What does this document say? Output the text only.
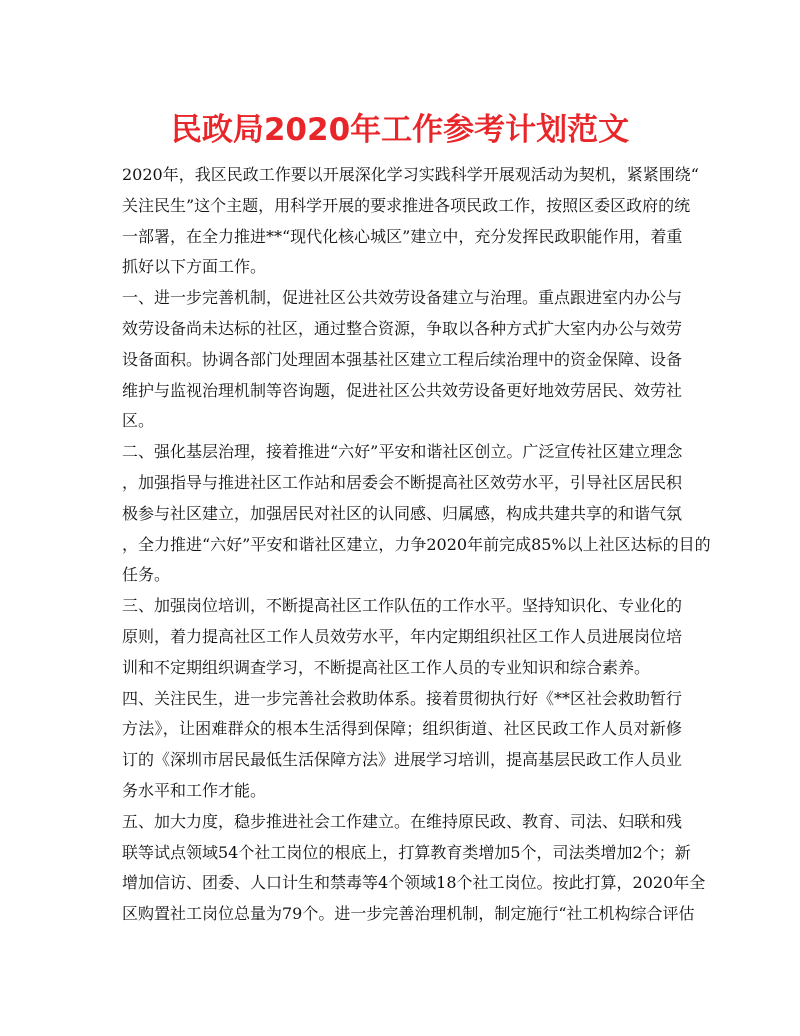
民政局2020年工作参考计划范文
2020年，我区民政工作要以开展深化学习实践科学开展观活动为契机，紧紧围绕“
关注民生”这个主题，用科学开展的要求推进各项民政工作，按照区委区政府的统
一部署，在全力推进**“现代化核心城区”建立中，充分发挥民政职能作用，着重
抓好以下方面工作。
一、进一步完善机制，促进社区公共效劳设备建立与治理。重点跟进室内办公与
效劳设备尚未达标的社区，通过整合资源，争取以各种方式扩大室内办公与效劳
设备面积。协调各部门处理固本强基社区建立工程后续治理中的资金保障、设备
维护与监视治理机制等咨询题，促进社区公共效劳设备更好地效劳居民、效劳社
区。
二、强化基层治理，接着推进“六好”平安和谐社区创立。广泛宣传社区建立理念
，加强指导与推进社区工作站和居委会不断提高社区效劳水平，引导社区居民积
极参与社区建立，加强居民对社区的认同感、归属感，构成共建共享的和谐气氛
，全力推进“六好”平安和谐社区建立，力争2020年前完成85%以上社区达标的目的
任务。
三、加强岗位培训，不断提高社区工作队伍的工作水平。坚持知识化、专业化的
原则，着力提高社区工作人员效劳水平，年内定期组织社区工作人员进展岗位培
训和不定期组织调查学习，不断提高社区工作人员的专业知识和综合素养。
四、关注民生，进一步完善社会救助体系。接着贯彻执行好《**区社会救助暂行
方法》，让困难群众的根本生活得到保障；组织街道、社区民政工作人员对新修
订的《深圳市居民最低生活保障方法》进展学习培训，提高基层民政工作人员业
务水平和工作才能。
五、加大力度，稳步推进社会工作建立。在维持原民政、教育、司法、妇联和残
联等试点领域54个社工岗位的根底上，打算教育类增加5个，司法类增加2个；新
增加信访、团委、人口计生和禁毒等4个领域18个社工岗位。按此打算，2020年全
区购置社工岗位总量为79个。进一步完善治理机制，制定施行“社工机构综合评估
